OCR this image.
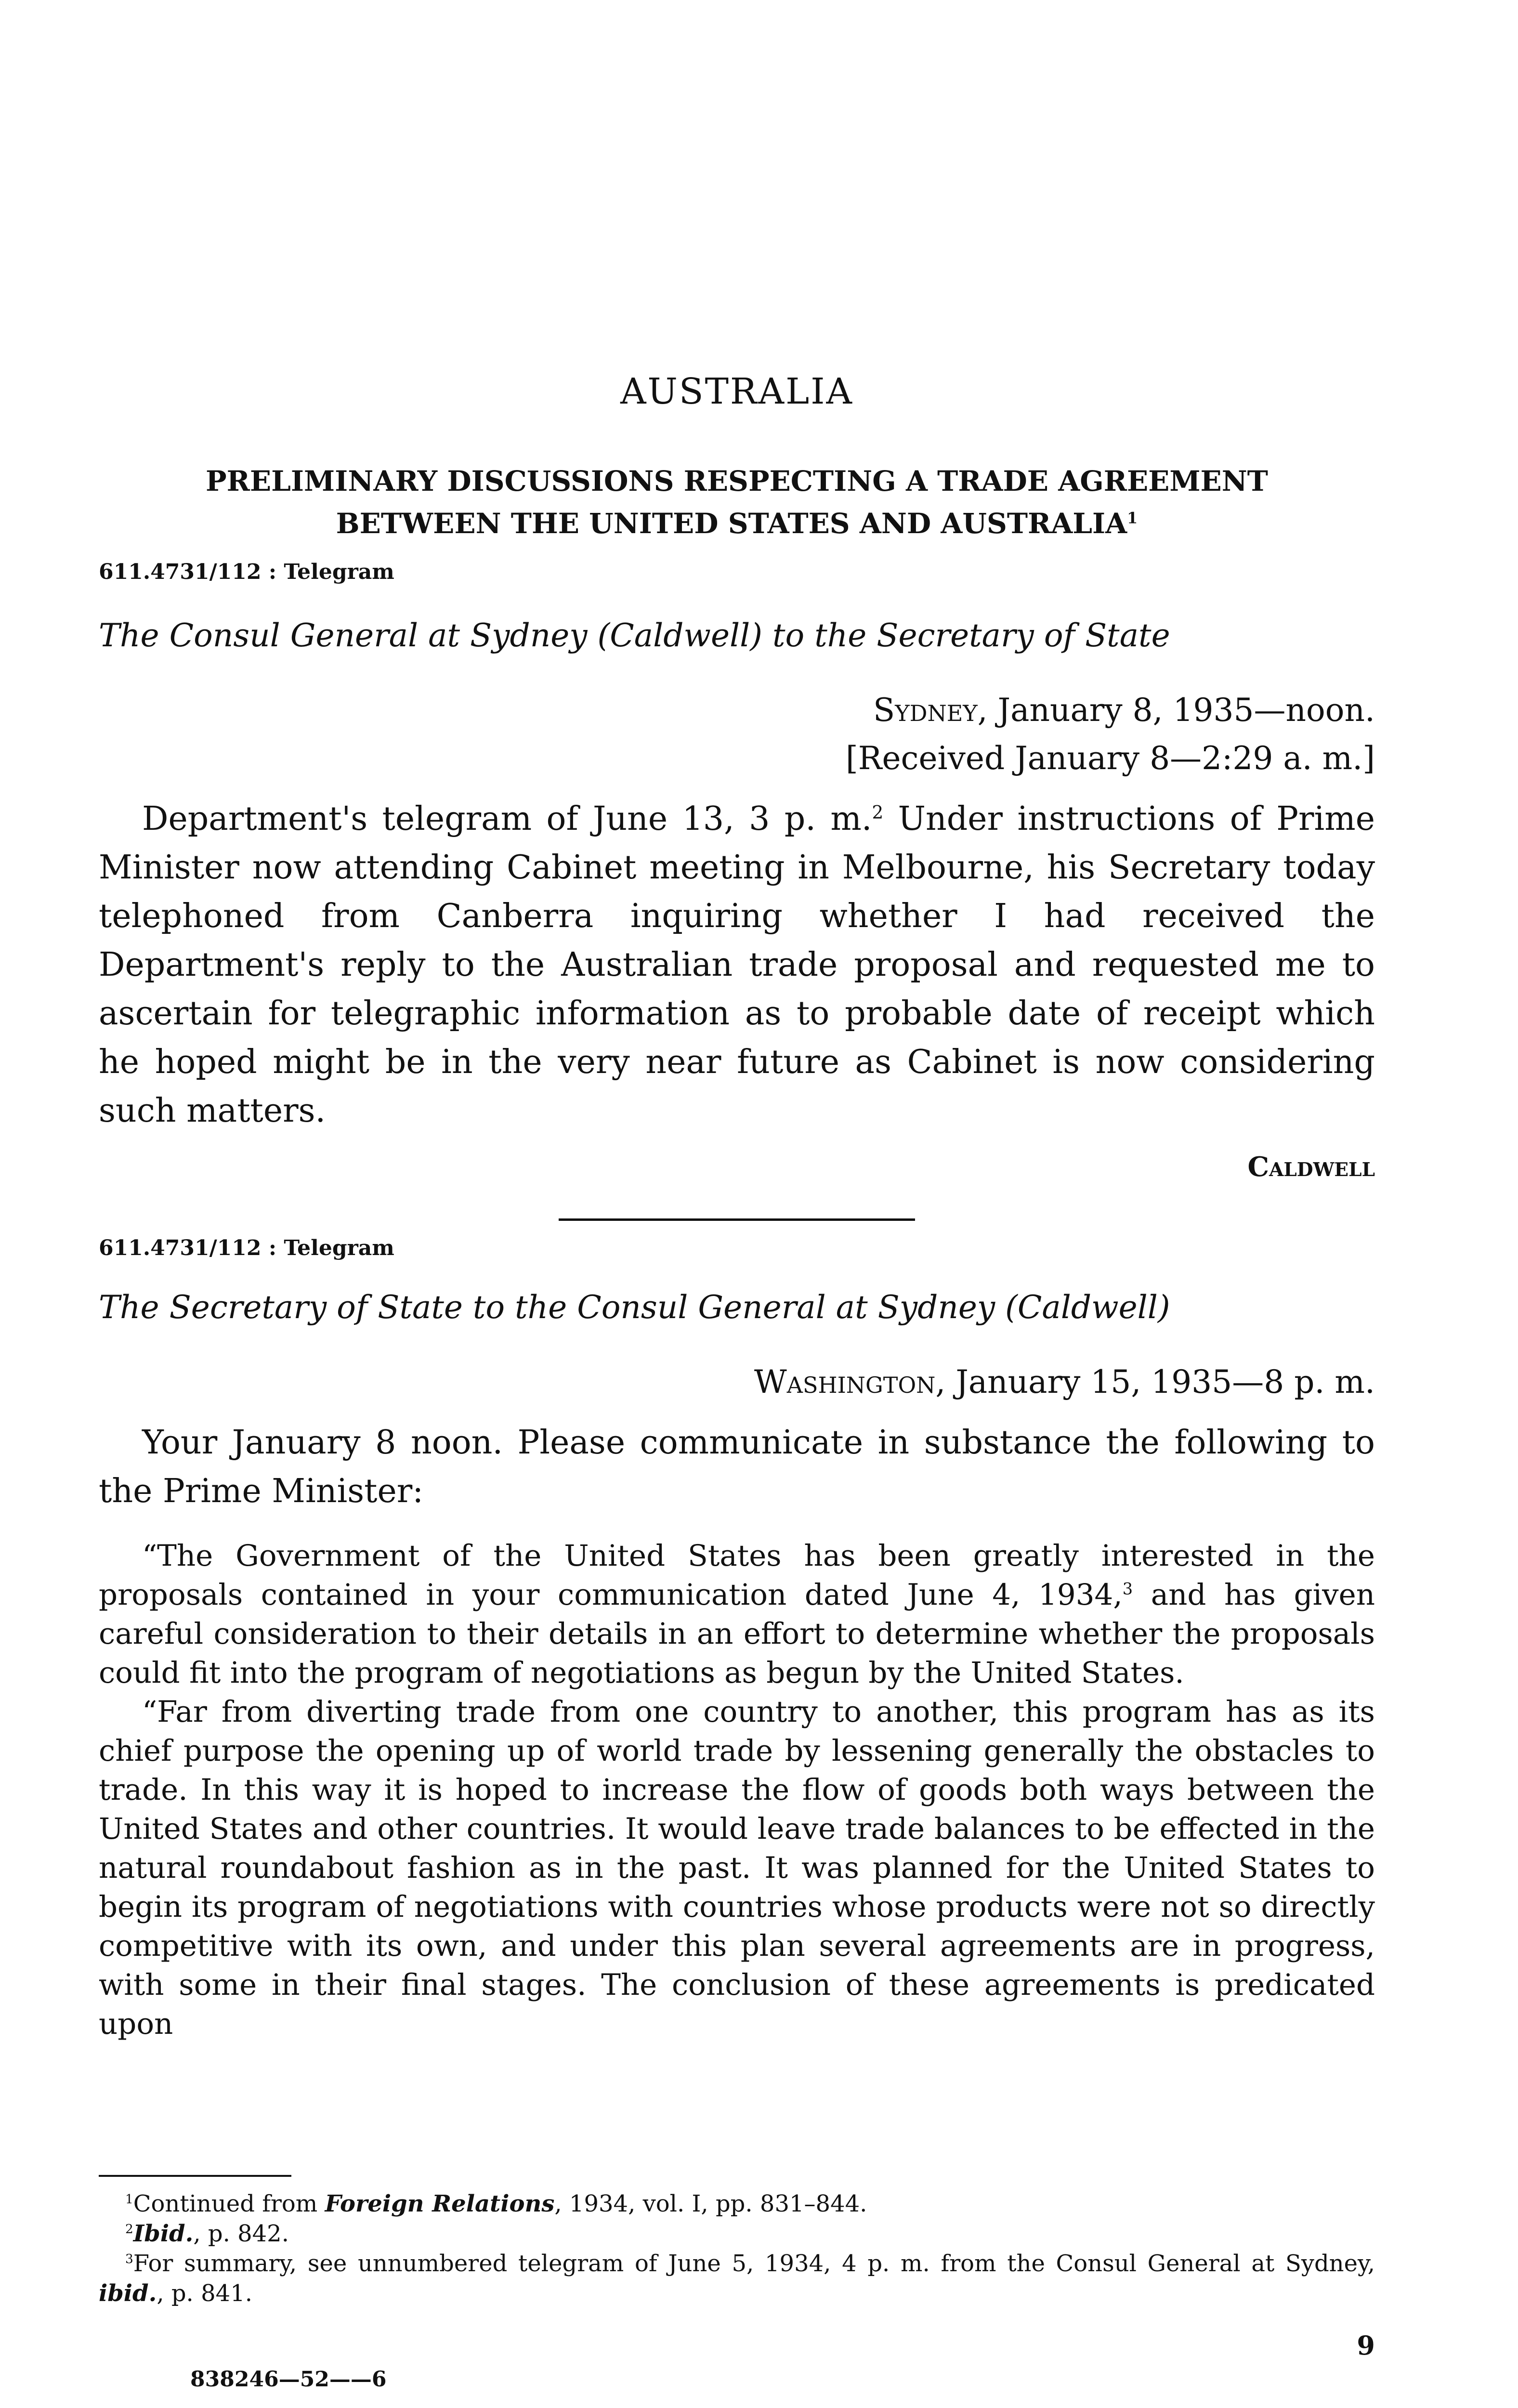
AUSTRALIA
PRELIMINARY DISCUSSIONS RESPECTING A TRADE AGREEMENT
BETWEEN THE UNITED STATES AND AUSTRALIA$^1$
611.4731/112 : Telegram
The Consul General at Sydney (Caldwell) to the Secretary of State
Sydney, January 8, 1935—noon.
[Received January 8—2:29 a. m.]
Department's telegram of June 13, 3 p. m.$^2$ Under instructions of Prime Minister now attending Cabinet meeting in Melbourne, his Secretary today telephoned from Canberra inquiring whether I had received the Department's reply to the Australian trade proposal and requested me to ascertain for telegraphic information as to probable date of receipt which he hoped might be in the very near future as Cabinet is now considering such matters.
Caldwell
611.4731/112 : Telegram
The Secretary of State to the Consul General at Sydney (Caldwell)
Washington, January 15, 1935—8 p. m.
Your January 8 noon. Please communicate in substance the following to the Prime Minister:

“The Government of the United States has been greatly interested in the proposals contained in your communication dated June 4, 1934,$^3$ and has given careful consideration to their details in an effort to determine whether the proposals could fit into the program of negotiations as begun by the United States.

“Far from diverting trade from one country to another, this program has as its chief purpose the opening up of world trade by lessening generally the obstacles to trade. In this way it is hoped to increase the flow of goods both ways between the United States and other countries. It would leave trade balances to be effected in the natural roundabout fashion as in the past. It was planned for the United States to begin its program of negotiations with countries whose products were not so directly competitive with its own, and under this plan several agreements are in progress, with some in their final stages. The conclusion of these agreements is predicated upon

$^1$Continued from Foreign Relations, 1934, vol. I, pp. 831–844.

$^2$Ibid., p. 842.

$^3$For summary, see unnumbered telegram of June 5, 1934, 4 p. m. from the Consul General at Sydney, ibid., p. 841.

9
838246—52——6
